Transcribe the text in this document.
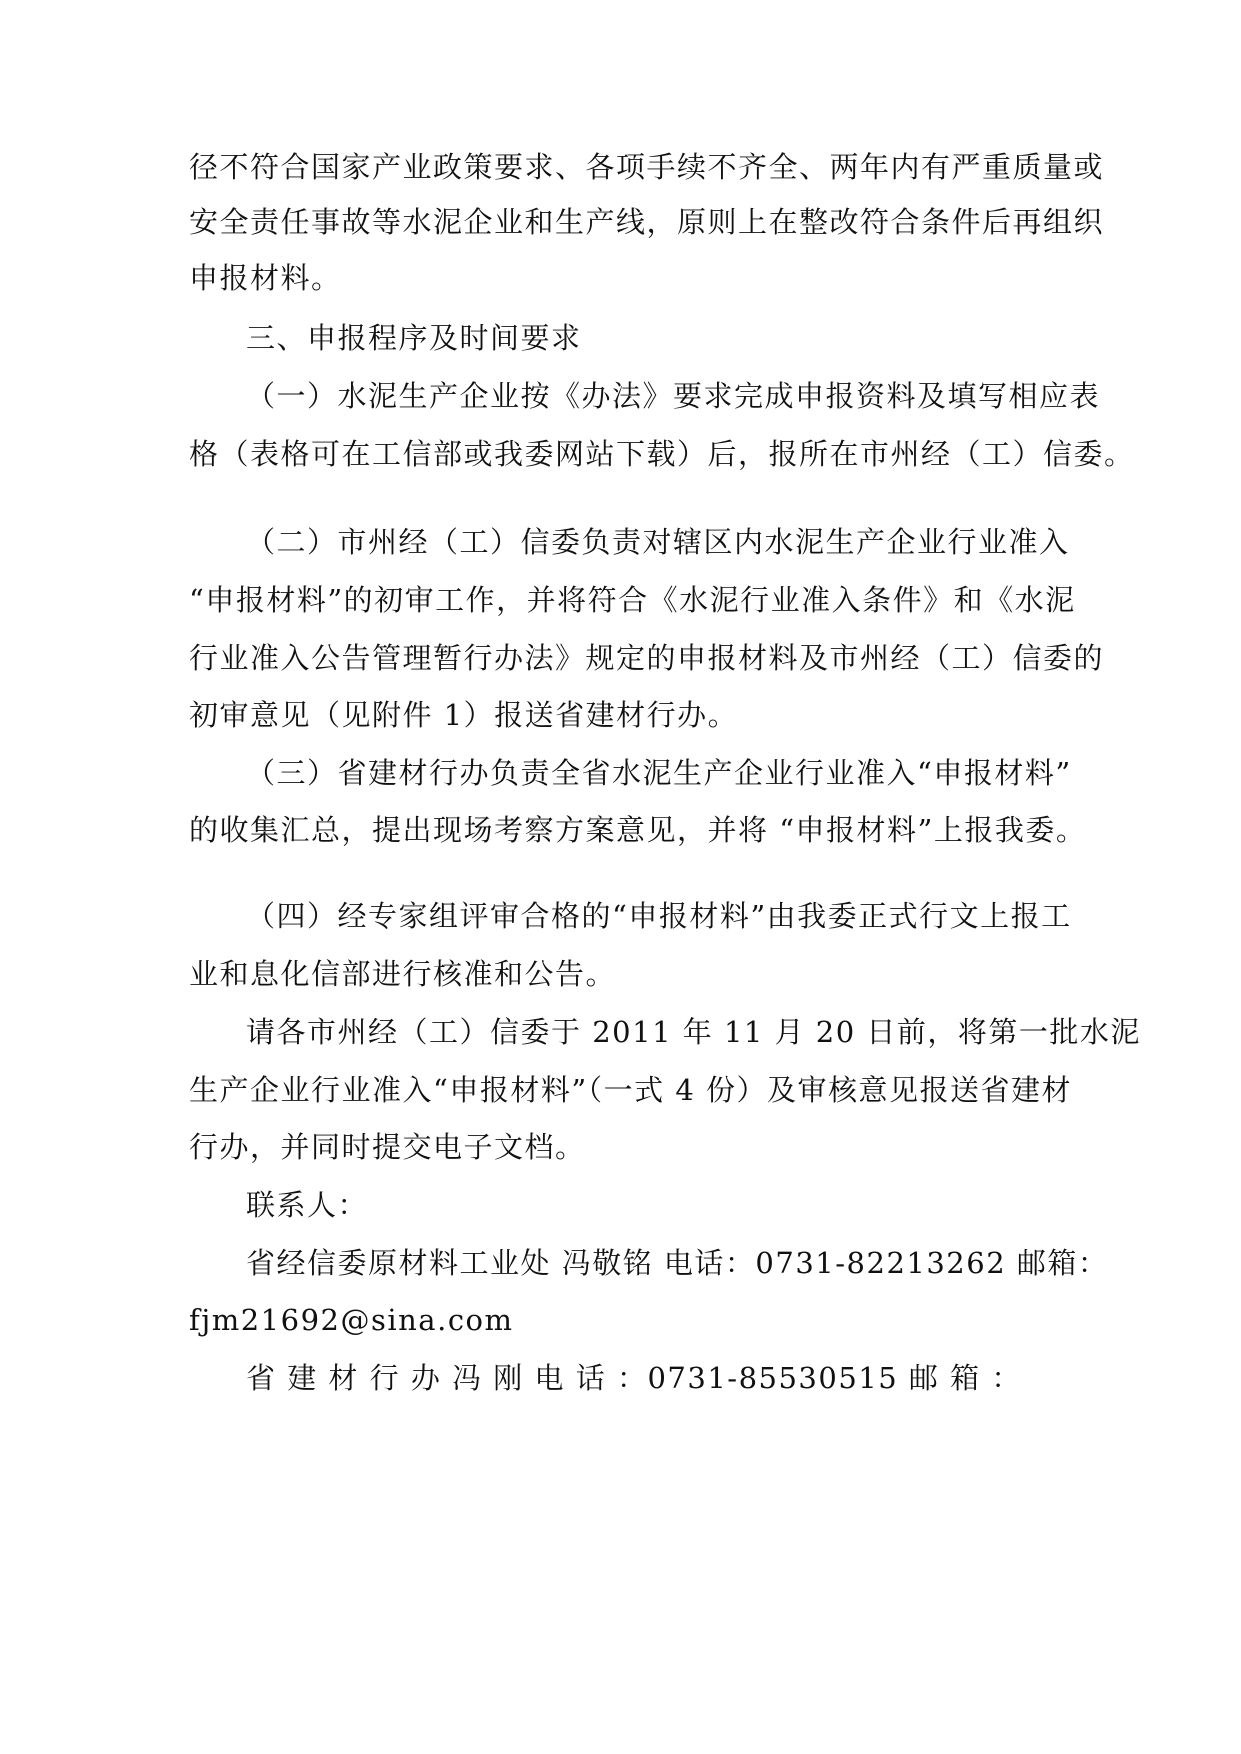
径不符合国家产业政策要求、各项手续不齐全、两年内有严重质量或
安全责任事故等水泥企业和生产线，原则上在整改符合条件后再组织
申报材料。
三、申报程序及时间要求
（一）水泥生产企业按《办法》要求完成申报资料及填写相应表
格（表格可在工信部或我委网站下载）后，报所在市州经（工）信委。
（二）市州经（工）信委负责对辖区内水泥生产企业行业准入
“申报材料”的初审工作，并将符合《水泥行业准入条件》和《水泥
行业准入公告管理暂行办法》规定的申报材料及市州经（工）信委的
初审意见（见附件 1）报送省建材行办。
（三）省建材行办负责全省水泥生产企业行业准入“申报材料”
的收集汇总，提出现场考察方案意见，并将 “申报材料”上报我委。
（四）经专家组评审合格的“申报材料”由我委正式行文上报工
业和息化信部进行核准和公告。
请各市州经（工）信委于 2011 年 11 月 20 日前，将第一批水泥
生产企业行业准入“申报材料”（一式 4 份）及审核意见报送省建材
行办，并同时提交电子文档。
联系人：
省经信委原材料工业处 冯敬铭 电话：0731-82213262 邮箱：
fjm21692@sina.com
省 建 材 行 办 冯 刚 电 话 ：0731-85530515 邮 箱 ：
